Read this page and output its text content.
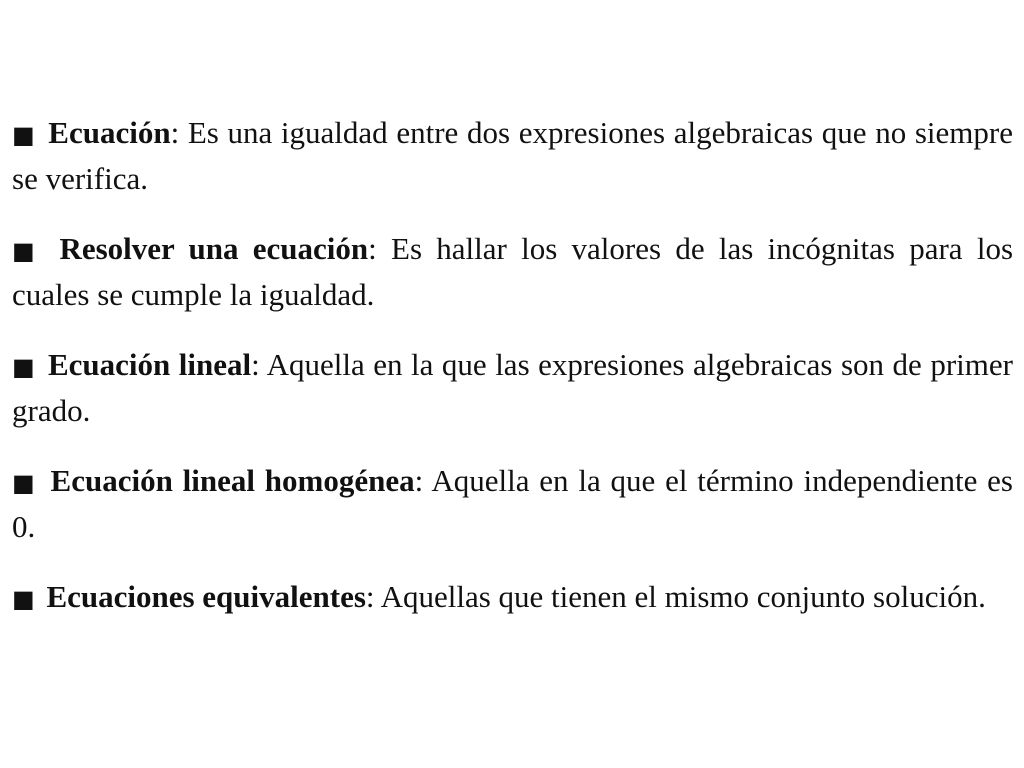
■ Ecuación: Es una igualdad entre dos expresiones algebraicas que no siempre se verifica.

■ Resolver una ecuación: Es hallar los valores de las incógnitas para los cuales se cumple la igualdad.

■ Ecuación lineal: Aquella en la que las expresiones algebraicas son de primer grado.

■ Ecuación lineal homogénea: Aquella en la que el término independiente es 0.

■ Ecuaciones equivalentes: Aquellas que tienen el mismo conjunto solución.
